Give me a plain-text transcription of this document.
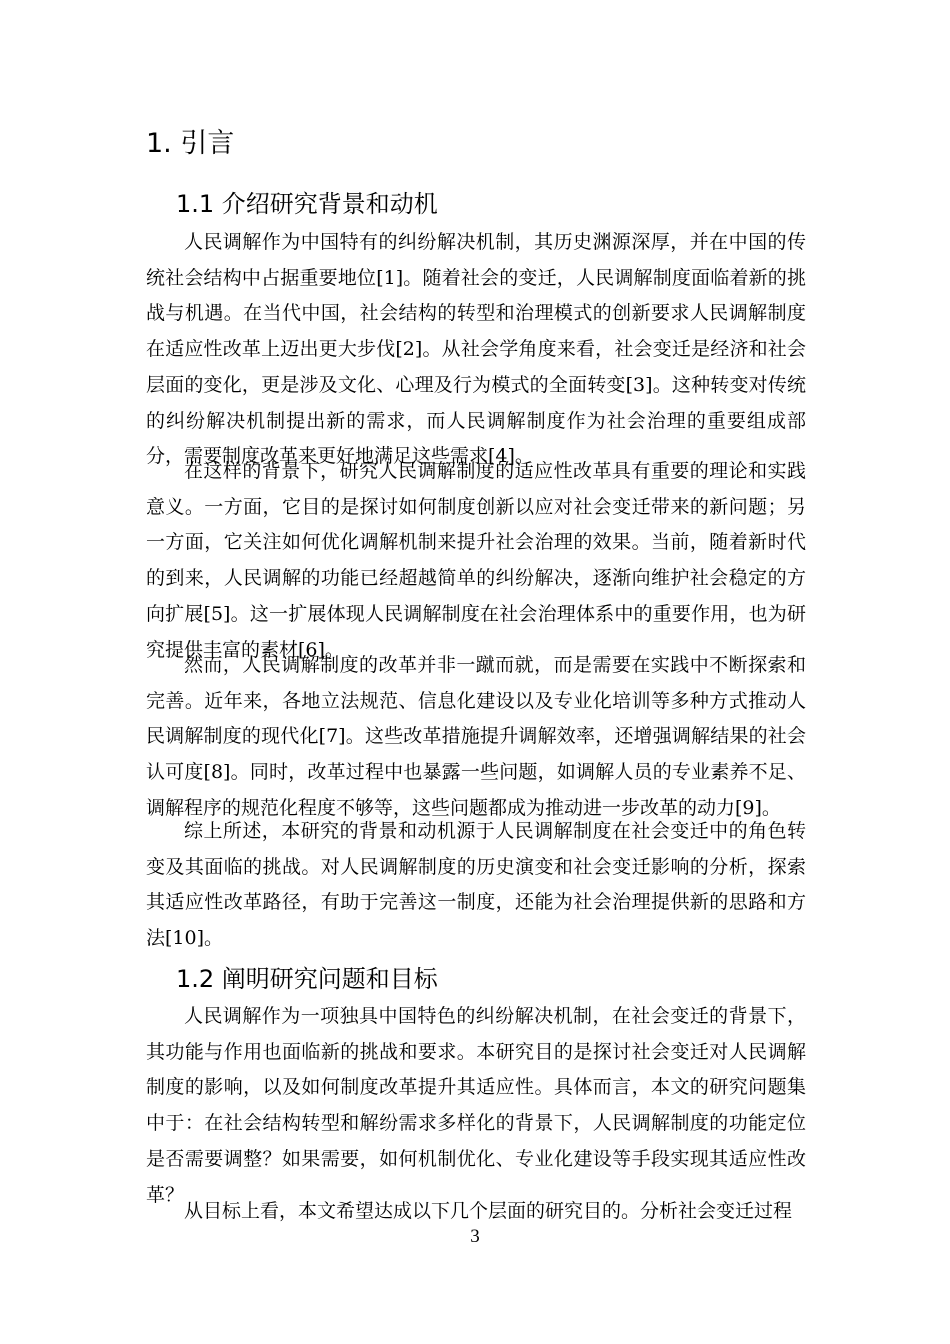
1. 引言
1.1 介绍研究背景和动机

人民调解作为中国特有的纠纷解决机制，其历史渊源深厚，并在中国的传统社会结构中占据重要地位[1]。随着社会的变迁，人民调解制度面临着新的挑战与机遇。在当代中国，社会结构的转型和治理模式的创新要求人民调解制度在适应性改革上迈出更大步伐[2]。从社会学角度来看，社会变迁是经济和社会层面的变化，更是涉及文化、心理及行为模式的全面转变[3]。这种转变对传统的纠纷解决机制提出新的需求，而人民调解制度作为社会治理的重要组成部分，需要制度改革来更好地满足这些需求[4]。

在这样的背景下，研究人民调解制度的适应性改革具有重要的理论和实践意义。一方面，它目的是探讨如何制度创新以应对社会变迁带来的新问题；另一方面，它关注如何优化调解机制来提升社会治理的效果。当前，随着新时代的到来，人民调解的功能已经超越简单的纠纷解决，逐渐向维护社会稳定的方向扩展[5]。这一扩展体现人民调解制度在社会治理体系中的重要作用，也为研究提供丰富的素材[6]。

然而，人民调解制度的改革并非一蹴而就，而是需要在实践中不断探索和完善。近年来，各地立法规范、信息化建设以及专业化培训等多种方式推动人民调解制度的现代化[7]。这些改革措施提升调解效率，还增强调解结果的社会认可度[8]。同时，改革过程中也暴露一些问题，如调解人员的专业素养不足、调解程序的规范化程度不够等，这些问题都成为推动进一步改革的动力[9]。

综上所述，本研究的背景和动机源于人民调解制度在社会变迁中的角色转变及其面临的挑战。对人民调解制度的历史演变和社会变迁影响的分析，探索其适应性改革路径，有助于完善这一制度，还能为社会治理提供新的思路和方法[10]。

1.2 阐明研究问题和目标

人民调解作为一项独具中国特色的纠纷解决机制，在社会变迁的背景下，其功能与作用也面临新的挑战和要求。本研究目的是探讨社会变迁对人民调解制度的影响，以及如何制度改革提升其适应性。具体而言，本文的研究问题集中于：在社会结构转型和解纷需求多样化的背景下，人民调解制度的功能定位是否需要调整？如果需要，如何机制优化、专业化建设等手段实现其适应性改革？

从目标上看，本文希望达成以下几个层面的研究目的。分析社会变迁过程

3
